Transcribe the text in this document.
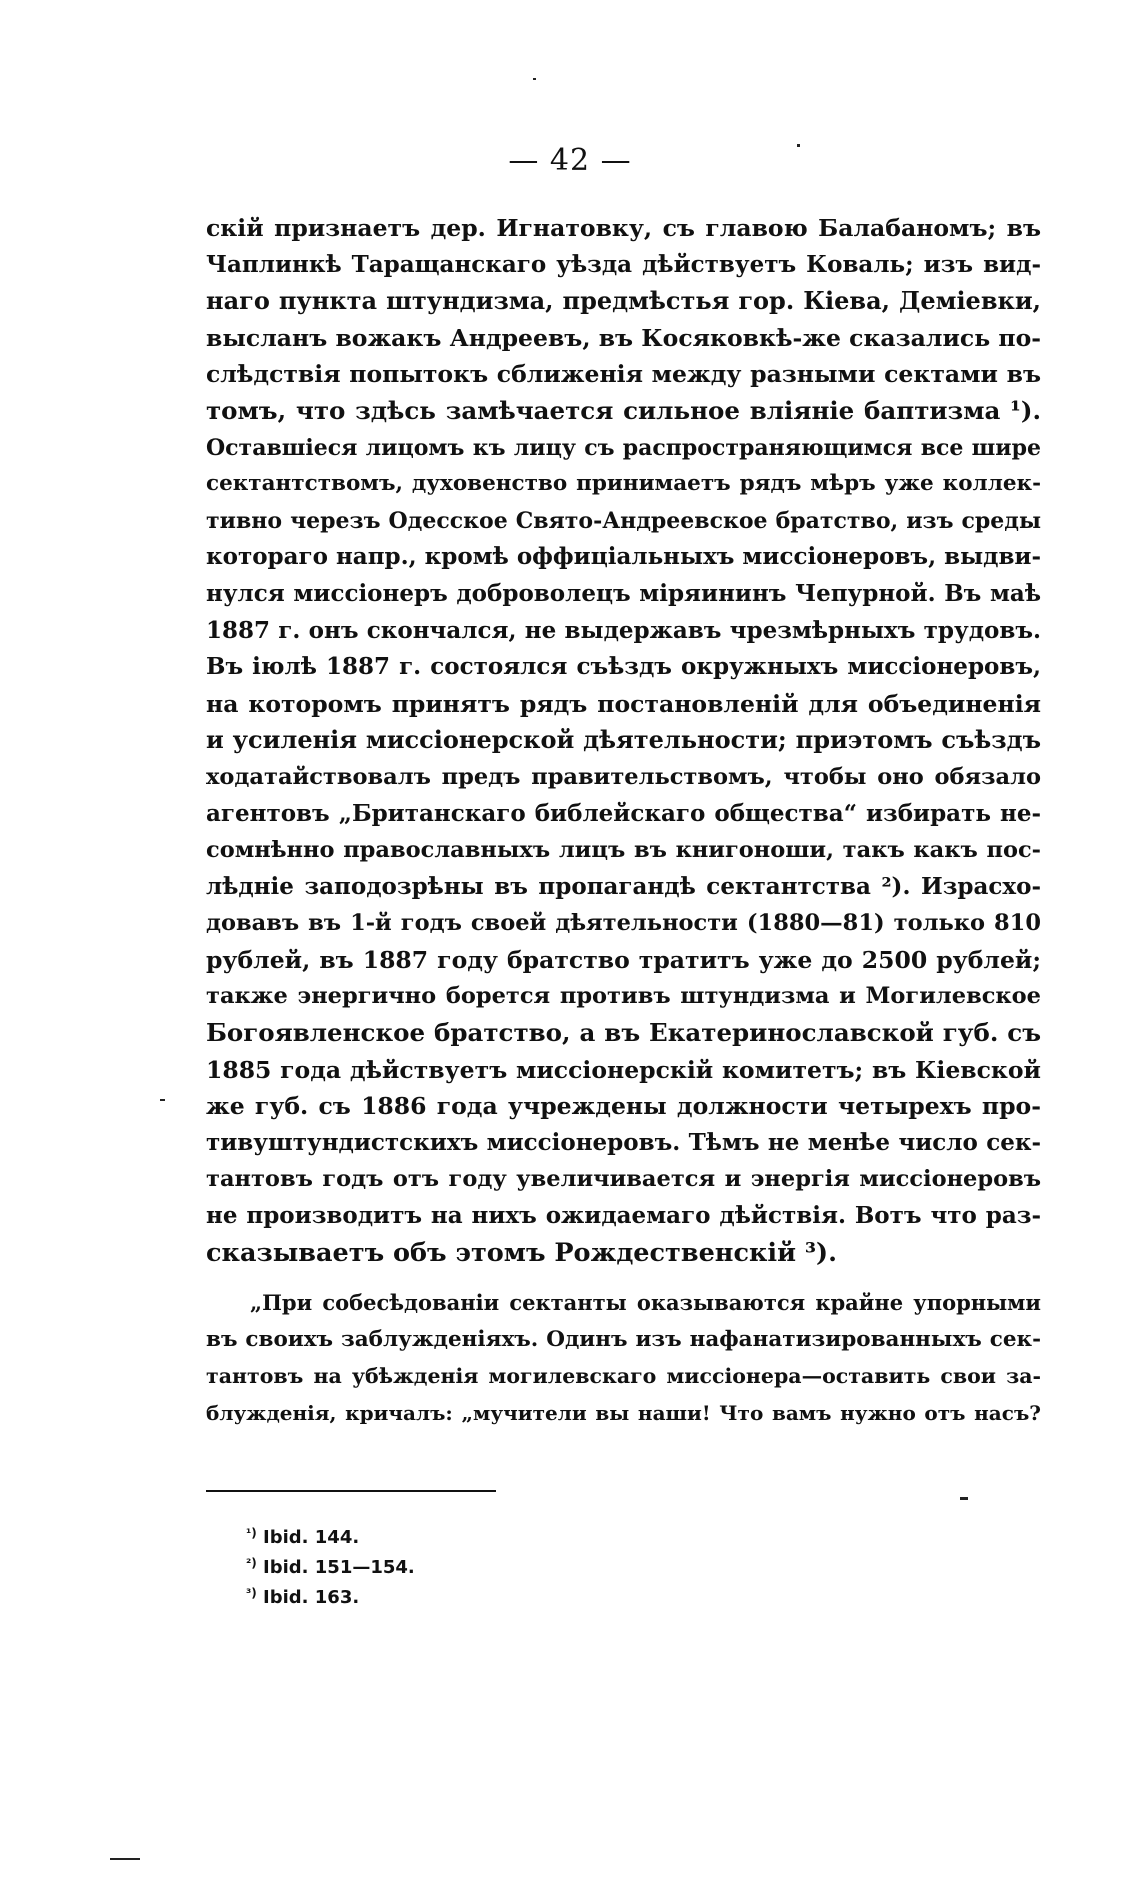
— 42 —
скій признаетъ дер. Игнатовку, съ главою Балабаномъ; въ
Чаплинкѣ Таращанскаго уѣзда дѣйствуетъ Коваль; изъ вид-
наго пункта штундизма, предмѣстья гор. Кіева, Деміевки,
высланъ вожакъ Андреевъ, въ Косяковкѣ-же сказались по-
слѣдствія попытокъ сближенія между разными сектами въ
томъ, что здѣсь замѣчается сильное вліяніе баптизма ¹).
Оставшіеся лицомъ къ лицу съ распространяющимся все шире
сектантствомъ, духовенство принимаетъ рядъ мѣръ уже коллек-
тивно черезъ Одесское Свято-Андреевское братство, изъ среды
котораго напр., кромѣ оффиціальныхъ миссіонеровъ, выдви-
нулся миссіонеръ доброволецъ міряининъ Чепурной. Въ маѣ
1887 г. онъ скончался, не выдержавъ чрезмѣрныхъ трудовъ.
Въ іюлѣ 1887 г. состоялся съѣздъ окружныхъ миссіонеровъ,
на которомъ принятъ рядъ постановленій для объединенія
и усиленія миссіонерской дѣятельности; приэтомъ съѣздъ
ходатайствовалъ предъ правительствомъ, чтобы оно обязало
агентовъ „Британскаго библейскаго общества“ избирать не-
сомнѣнно православныхъ лицъ въ книгоноши, такъ какъ пос-
лѣдніе заподозрѣны въ пропагандѣ сектантства ²). Израсхо-
довавъ въ 1-й годъ своей дѣятельности (1880—81) только 810
рублей, въ 1887 году братство тратитъ уже до 2500 рублей;
также энергично борется противъ штундизма и Могилевское
Богоявленское братство, а въ Екатеринославской губ. съ
1885 года дѣйствуетъ миссіонерскій комитетъ; въ Кіевской
же губ. съ 1886 года учреждены должности четырехъ про-
тивуштундистскихъ миссіонеровъ. Тѣмъ не менѣе число сек-
тантовъ годъ отъ году увеличивается и энергія миссіонеровъ
не производитъ на нихъ ожидаемаго дѣйствія. Вотъ что раз-
сказываетъ объ этомъ Рождественскій ³).
„При собесѣдованіи сектанты оказываются крайне упорными
въ своихъ заблужденіяхъ. Одинъ изъ нафанатизированныхъ сек-
тантовъ на убѣжденія могилевскаго миссіонера—оставить свои за-
блужденія, кричалъ: „мучители вы наши! Что вамъ нужно отъ насъ?
$^{^1)}$ Ibid. 144.
$^{^2)}$ Ibid. 151—154.
$^{^3)}$ Ibid. 163.
